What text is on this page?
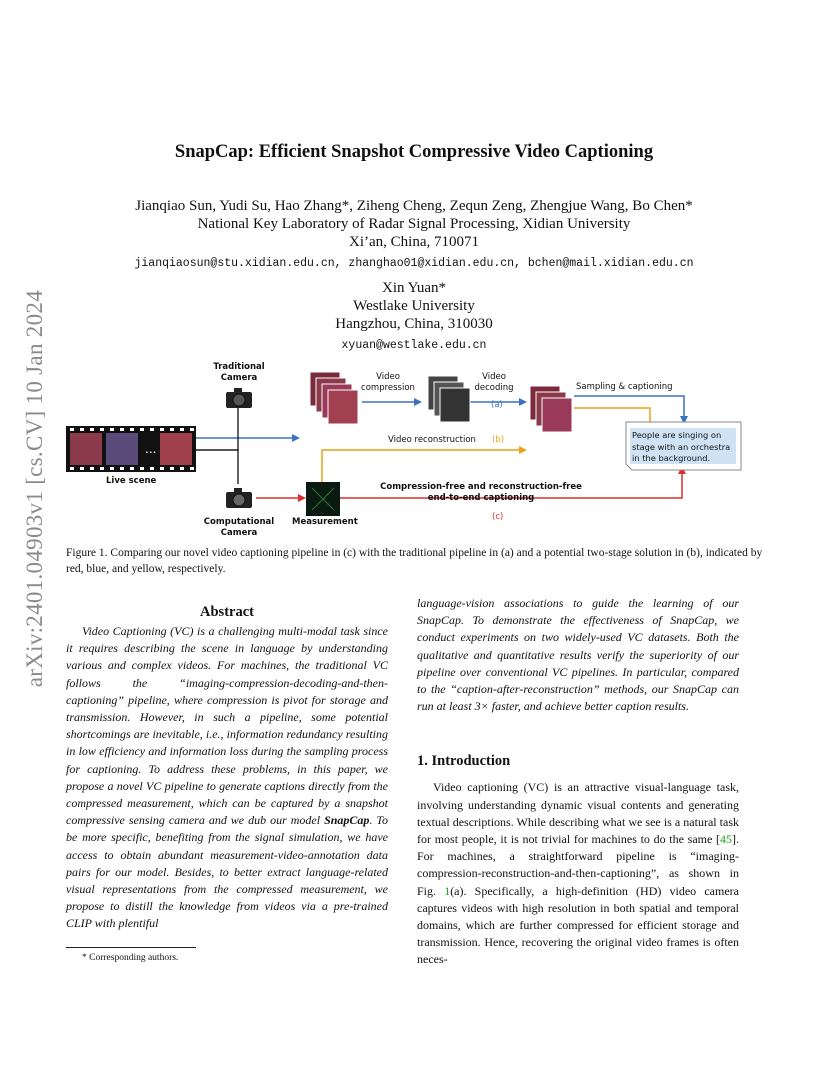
arXiv:2401.04903v1 [cs.CV] 10 Jan 2024
SnapCap: Efficient Snapshot Compressive Video Captioning
Jianqiao Sun, Yudi Su, Hao Zhang*, Ziheng Cheng, Zequn Zeng, Zhengjue Wang, Bo Chen*
National Key Laboratory of Radar Signal Processing, Xidian University
Xi’an, China, 710071
jianqiaosun@stu.xidian.edu.cn, zhanghao01@xidian.edu.cn, bchen@mail.xidian.edu.cn
Xin Yuan*
Westlake University
Hangzhou, China, 310030
xyuan@westlake.edu.cn
...
Traditional
Camera
Live scene
Computational
Camera
Measurement
Video
compression
Video
decoding	Sampling & captioning
(a)
Video reconstruction (b)
Compression-free and reconstruction-free
end-to-end captioning
(c)
People are singing on
stage with an orchestra
in the background.
Figure 1. Comparing our novel video captioning pipeline in (c) with the traditional pipeline in (a) and a potential two-stage solution in (b), indicated by red, blue, and yellow, respectively.
Abstract
Video Captioning (VC) is a challenging multi-modal task since it requires describing the scene in language by understanding various and complex videos. For machines, the traditional VC follows the “imaging-compression-decoding-and-then-captioning” pipeline, where compression is pivot for storage and transmission. However, in such a pipeline, some potential shortcomings are inevitable, i.e., information redundancy resulting in low efficiency and information loss during the sampling process for captioning. To address these problems, in this paper, we propose a novel VC pipeline to generate captions directly from the compressed measurement, which can be captured by a snapshot compressive sensing camera and we dub our model SnapCap. To be more specific, benefiting from the signal simulation, we have access to obtain abundant measurement-video-annotation data pairs for our model. Besides, to better extract language-related visual representations from the compressed measurement, we propose to distill the knowledge from videos via a pre-trained CLIP with plentiful
* Corresponding authors.
language-vision associations to guide the learning of our SnapCap. To demonstrate the effectiveness of SnapCap, we conduct experiments on two widely-used VC datasets. Both the qualitative and quantitative results verify the superiority of our pipeline over conventional VC pipelines. In particular, compared to the “caption-after-reconstruction” methods, our SnapCap can run at least 3× faster, and achieve better caption results.
1. Introduction
Video captioning (VC) is an attractive visual-language task, involving understanding dynamic visual contents and generating textual descriptions. While describing what we see is a natural task for most people, it is not trivial for machines to do the same [45]. For machines, a straightforward pipeline is “imaging-compression-reconstruction-and-then-captioning”, as shown in Fig. 1(a). Specifically, a high-definition (HD) video camera captures videos with high resolution in both spatial and temporal domains, which are further compressed for efficient storage and transmission. Hence, recovering the original video frames is often neces-
